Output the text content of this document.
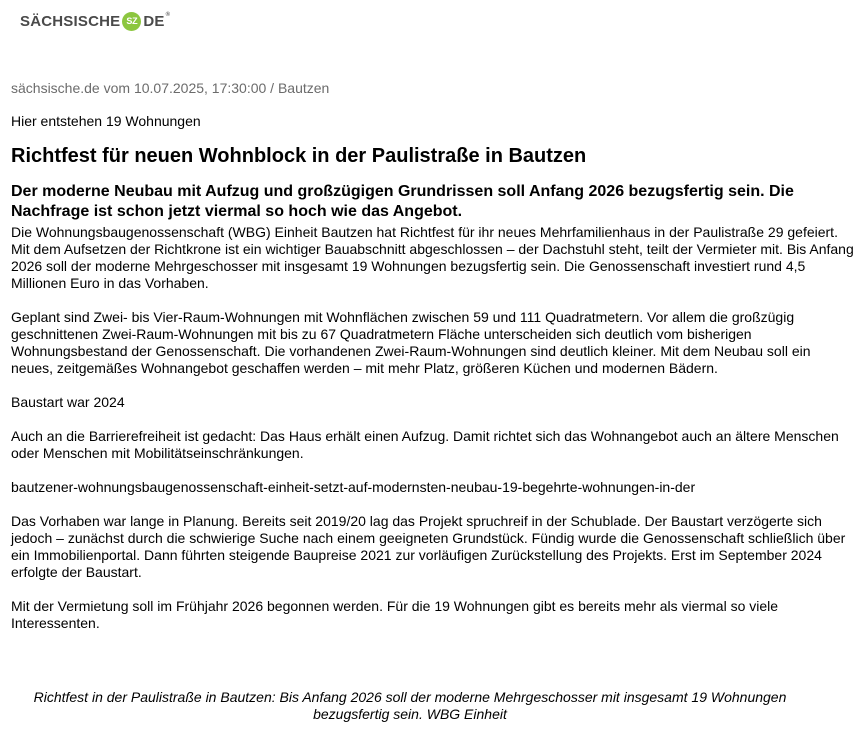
SÄCHSISCHE SZ DE ®
sächsische.de vom 10.07.2025, 17:30:00 / Bautzen
Hier entstehen 19 Wohnungen
Richtfest für neuen Wohnblock in der Paulistraße in Bautzen
Der moderne Neubau mit Aufzug und großzügigen Grundrissen soll Anfang 2026 bezugsfertig sein. Die Nachfrage ist schon jetzt viermal so hoch wie das Angebot.

Die Wohnungsbaugenossenschaft (WBG) Einheit Bautzen hat Richtfest für ihr neues Mehrfamilienhaus in der Paulistraße 29 gefeiert. Mit dem Aufsetzen der Richtkrone ist ein wichtiger Bauabschnitt abgeschlossen – der Dachstuhl steht, teilt der Vermieter mit. Bis Anfang 2026 soll der moderne Mehrgeschosser mit insgesamt 19 Wohnungen bezugsfertig sein. Die Genossenschaft investiert rund 4,5 Millionen Euro in das Vorhaben.

Geplant sind Zwei- bis Vier-Raum-Wohnungen mit Wohnflächen zwischen 59 und 111 Quadratmetern. Vor allem die großzügig geschnittenen Zwei-Raum-Wohnungen mit bis zu 67 Quadratmetern Fläche unterscheiden sich deutlich vom bisherigen Wohnungsbestand der Genossenschaft. Die vorhandenen Zwei-Raum-Wohnungen sind deutlich kleiner. Mit dem Neubau soll ein neues, zeitgemäßes Wohnangebot geschaffen werden – mit mehr Platz, größeren Küchen und modernen Bädern.

Baustart war 2024

Auch an die Barrierefreiheit ist gedacht: Das Haus erhält einen Aufzug. Damit richtet sich das Wohnangebot auch an ältere Menschen oder Menschen mit Mobilitätseinschränkungen.

bautzener-wohnungsbaugenossenschaft-einheit-setzt-auf-modernsten-neubau-19-begehrte-wohnungen-in-der

Das Vorhaben war lange in Planung. Bereits seit 2019/20 lag das Projekt spruchreif in der Schublade. Der Baustart verzögerte sich jedoch – zunächst durch die schwierige Suche nach einem geeigneten Grundstück. Fündig wurde die Genossenschaft schließlich über ein Immobilienportal. Dann führten steigende Baupreise 2021 zur vorläufigen Zurückstellung des Projekts. Erst im September 2024 erfolgte der Baustart.

Mit der Vermietung soll im Frühjahr 2026 begonnen werden. Für die 19 Wohnungen gibt es bereits mehr als viermal so viele Interessenten.

Richtfest in der Paulistraße in Bautzen: Bis Anfang 2026 soll der moderne Mehrgeschosser mit insgesamt 19 Wohnungen bezugsfertig sein. WBG Einheit
